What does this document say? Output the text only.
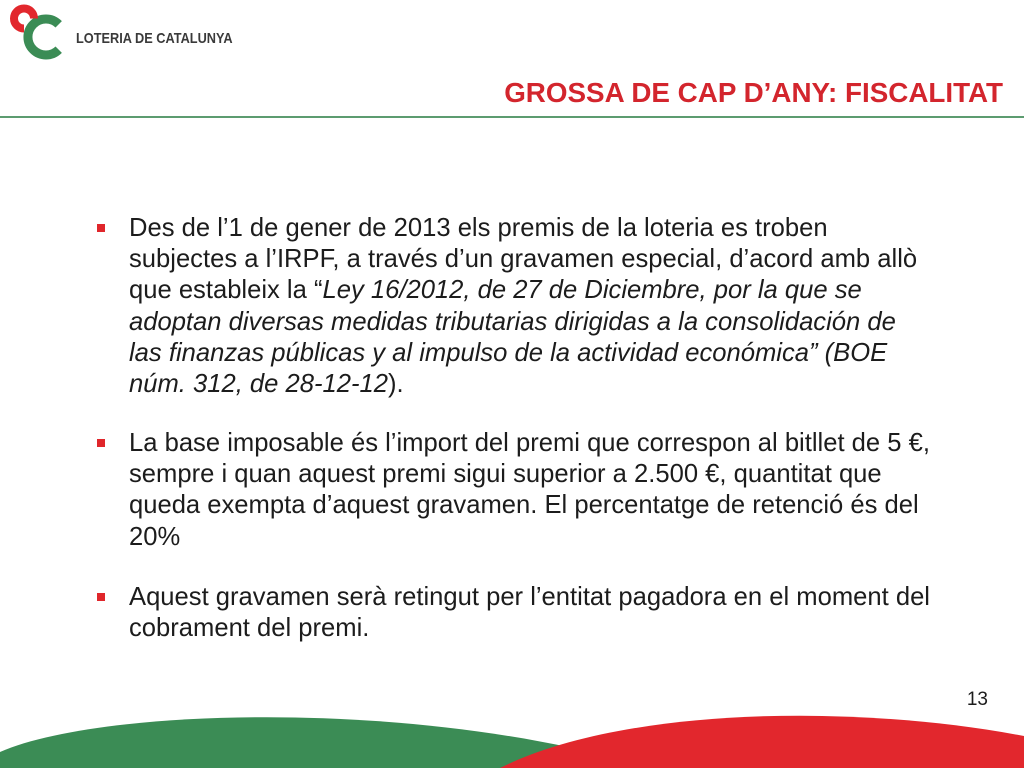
LOTERIA DE CATALUNYA
GROSSA DE CAP D’ANY: FISCALITAT
Des de l’1 de gener de 2013 els premis de la loteria es troben
subjectes a l’IRPF, a través d’un gravamen especial, d’acord amb allò
que estableix la “Ley 16/2012, de 27 de Diciembre, por la que se
adoptan diversas medidas tributarias dirigidas a la consolidación de
las finanzas públicas y al impulso de la actividad económica” (BOE
núm. 312, de 28-12-12).
La base imposable és l’import del premi que correspon al bitllet de 5 €,
sempre i quan aquest premi sigui superior a 2.500 €, quantitat que
queda exempta d’aquest gravamen. El percentatge de retenció és del
20%
Aquest gravamen serà retingut per l’entitat pagadora en el moment del
cobrament del premi.
13
